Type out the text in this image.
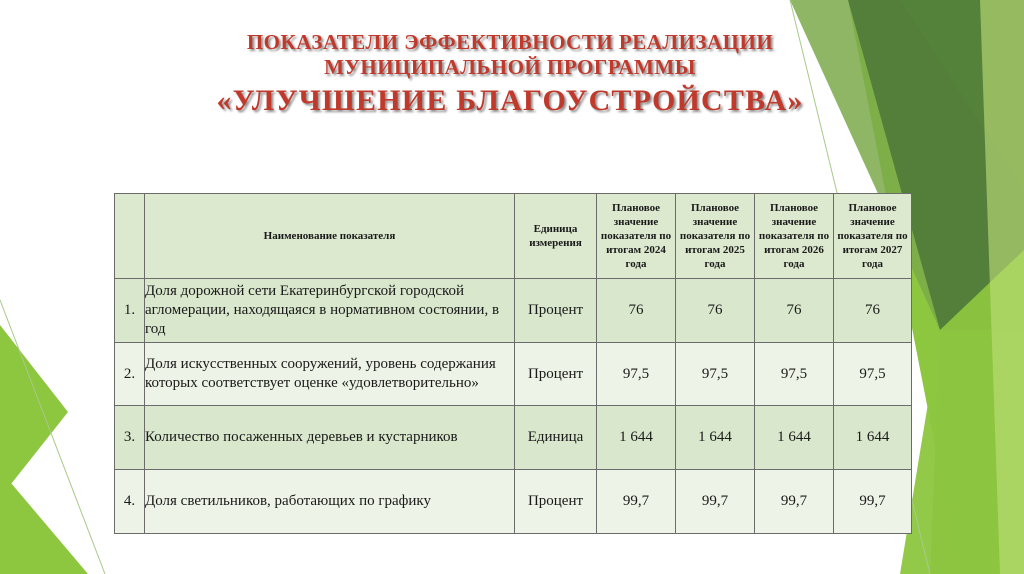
ПОКАЗАТЕЛИ ЭФФЕКТИВНОСТИ РЕАЛИЗАЦИИ
МУНИЦИПАЛЬНОЙ ПРОГРАММЫ
«УЛУЧШЕНИЕ БЛАГОУСТРОЙСТВА»
	Наименование показателя	Единица измерения	Плановое значение показателя по итогам 2024 года	Плановое значение показателя по итогам 2025 года	Плановое значение показателя по итогам 2026 года	Плановое значение показателя по итогам 2027 года
1.	Доля дорожной сети Екатеринбургской городской агломерации, находящаяся в нормативном состоянии, в год	Процент	76	76	76	76
2.	Доля искусственных сооружений, уровень содержания которых соответствует оценке «удовлетворительно»	Процент	97,5	97,5	97,5	97,5
3.	Количество посаженных деревьев и кустарников	Единица	1 644	1 644	1 644	1 644
4.	Доля светильников, работающих по графику	Процент	99,7	99,7	99,7	99,7
